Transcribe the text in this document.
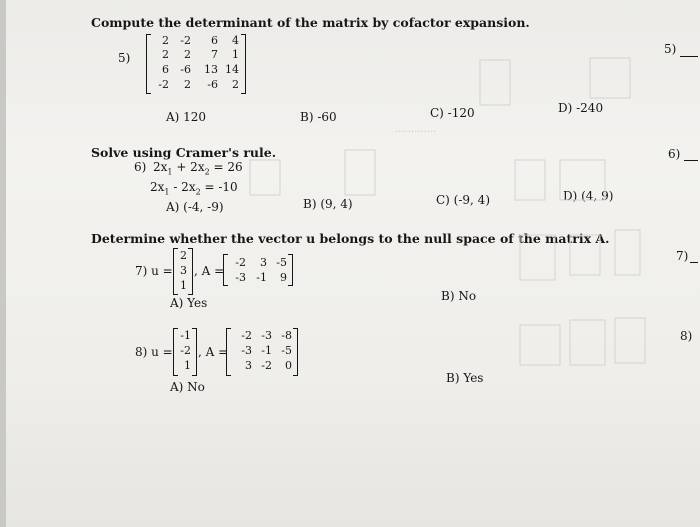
.............
Compute the determinant of the matrix by cofactor expansion.
5)
2 -2 6 4
2 2 7 1
6 -6 13 14
-2 2 -6 2
A) 120	B) -60	C) -120	D) -240
5)
Solve using Cramer's rule.
6) $2x_1 + 2x_2 = 26$
$2x_1 - 2x_2 = -10$
A) (-4, -9)	B) (9, 4)	C) (-9, 4)	D) (4, 9)
6)
Determine whether the vector u belongs to the null space of the matrix A.
7) u =
2
3
1
, A =
-2 3 -5
-3 -1 9
A) Yes	B) No
7)
8) u =
-1
-2
1
, A =
-2 -3 -8
-3 -1 -5
3 -2 0
A) No
B) Yes
8)
